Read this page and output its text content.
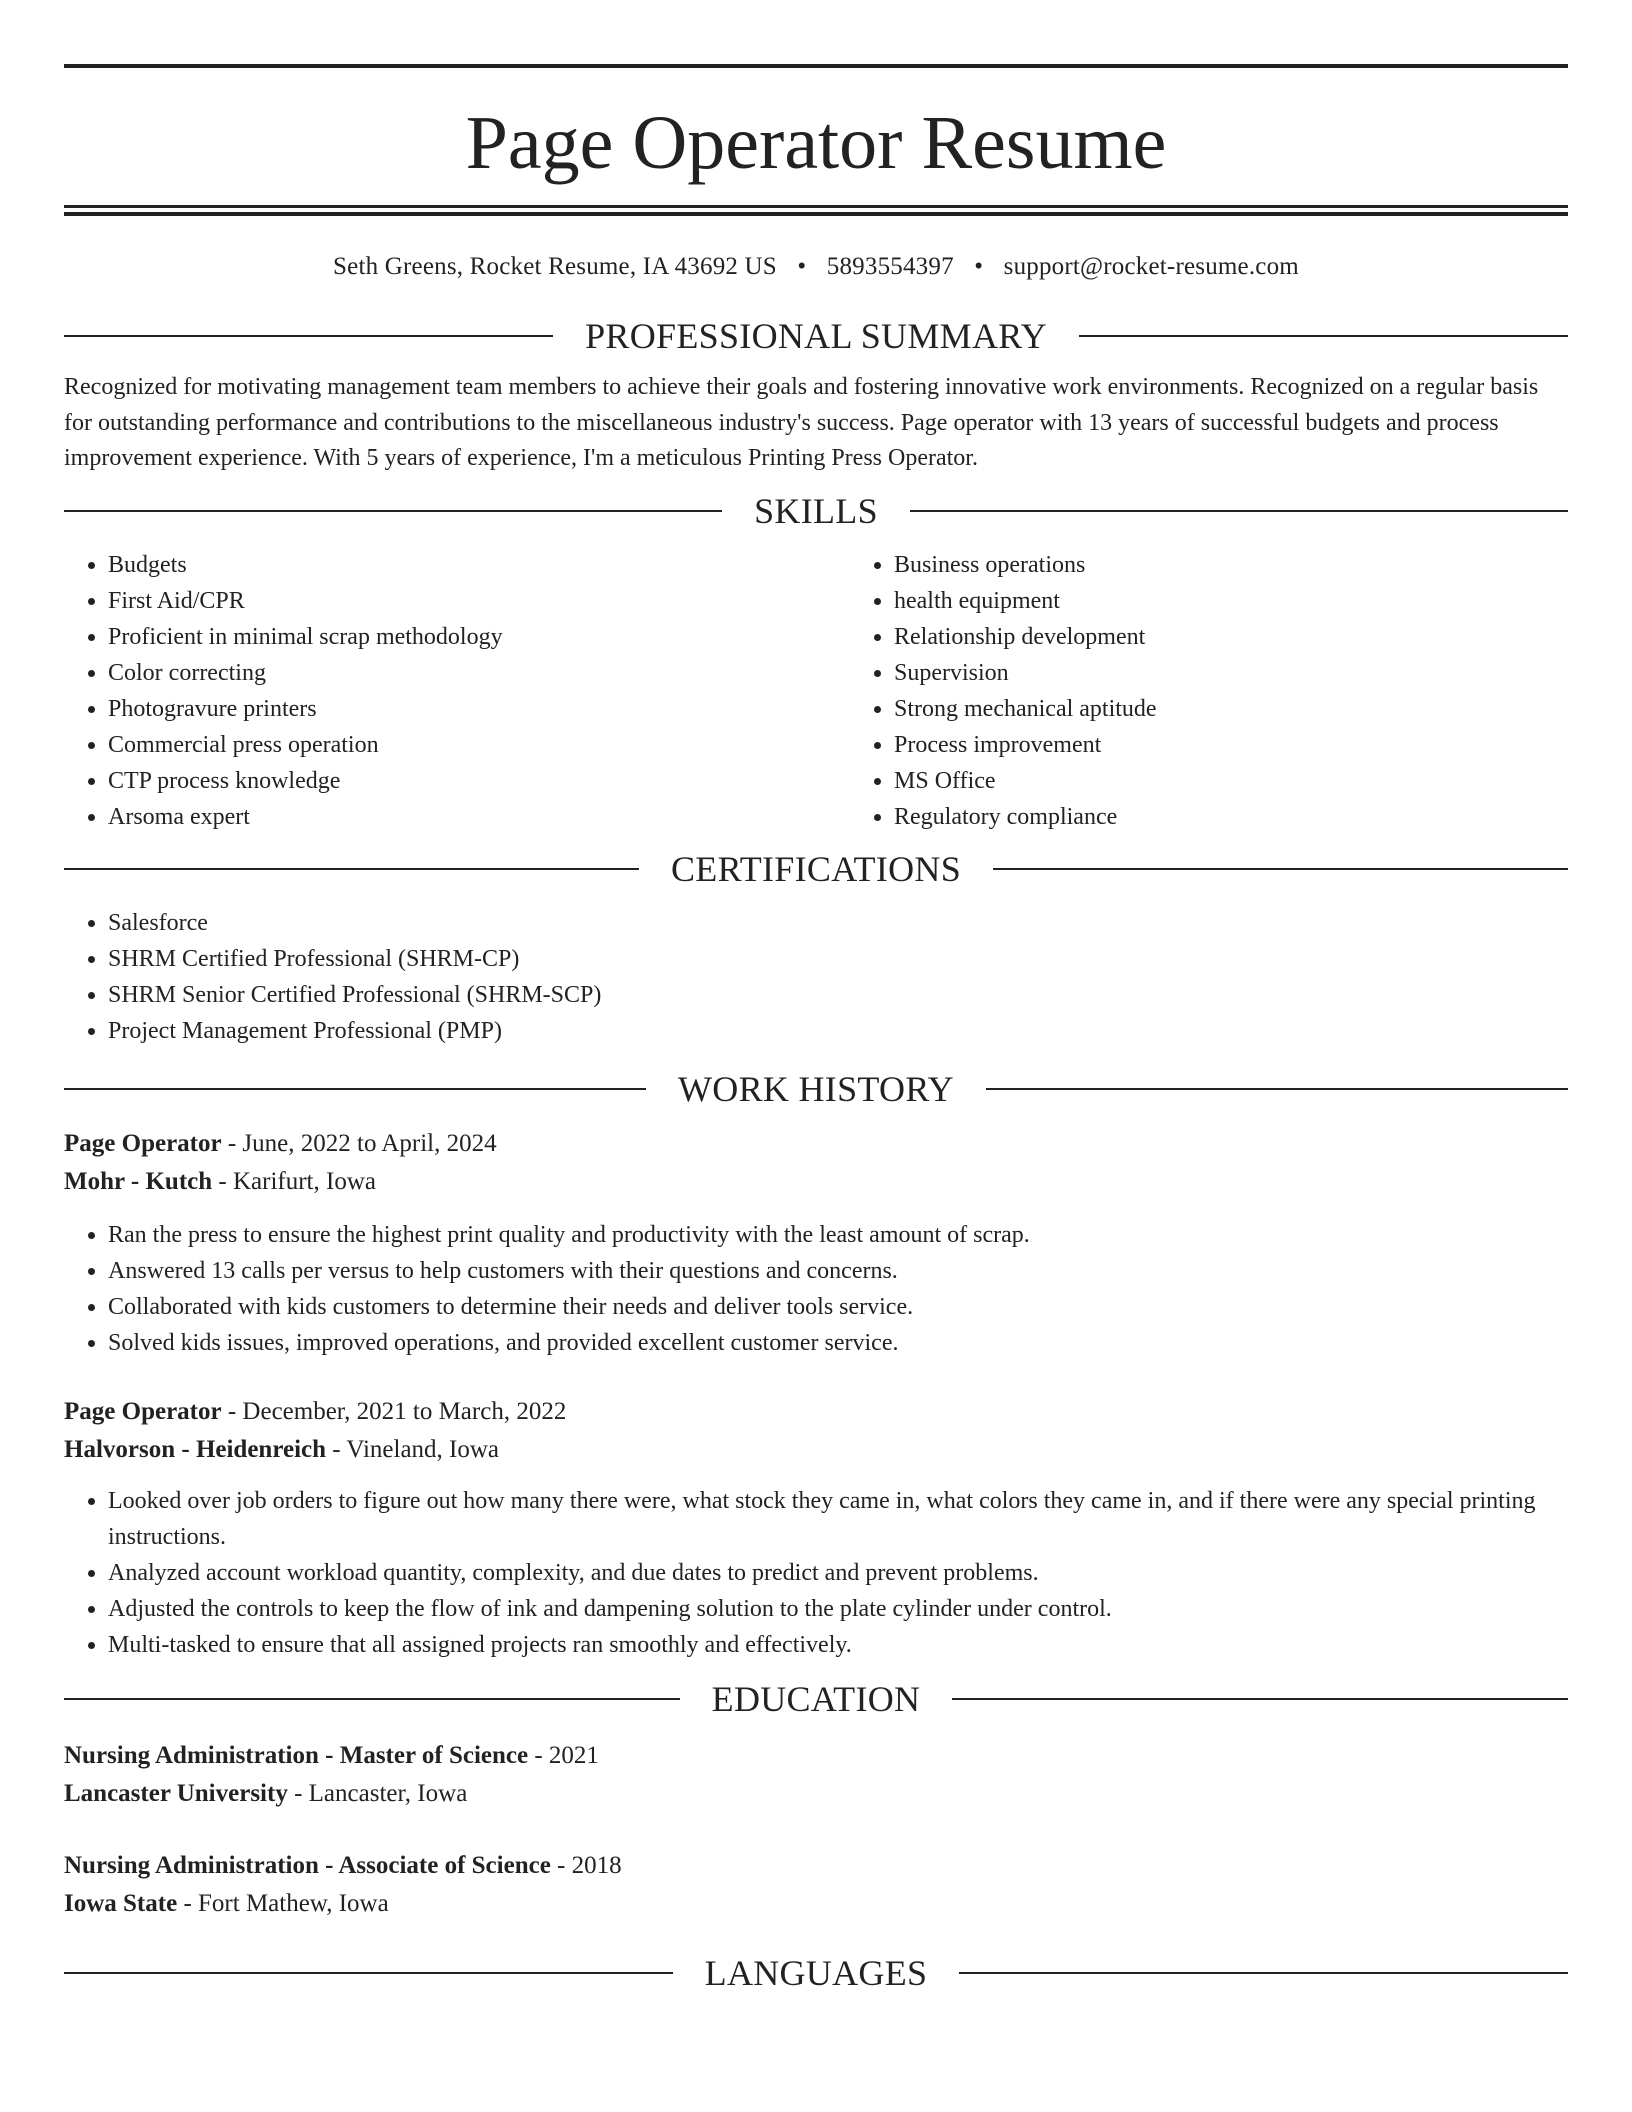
Page Operator Resume
Seth Greens, Rocket Resume, IA 43692 US • 5893554397 • support@rocket-resume.com
PROFESSIONAL SUMMARY

Recognized for motivating management team members to achieve their goals and fostering innovative work environments. Recognized on a regular basis for outstanding performance and contributions to the miscellaneous industry's success. Page operator with 13 years of successful budgets and process improvement experience. With 5 years of experience, I'm a meticulous Printing Press Operator.

SKILLS
• Budgets
• First Aid/CPR
• Proficient in minimal scrap methodology
• Color correcting
• Photogravure printers
• Commercial press operation
• CTP process knowledge
• Arsoma expert
• Business operations
• health equipment
• Relationship development
• Supervision
• Strong mechanical aptitude
• Process improvement
• MS Office
• Regulatory compliance
CERTIFICATIONS
• Salesforce
• SHRM Certified Professional (SHRM-CP)
• SHRM Senior Certified Professional (SHRM-SCP)
• Project Management Professional (PMP)
WORK HISTORY
Page Operator - June, 2022 to April, 2024
Mohr - Kutch - Karifurt, Iowa
• Ran the press to ensure the highest print quality and productivity with the least amount of scrap.
• Answered 13 calls per versus to help customers with their questions and concerns.
• Collaborated with kids customers to determine their needs and deliver tools service.
• Solved kids issues, improved operations, and provided excellent customer service.
Page Operator - December, 2021 to March, 2022
Halvorson - Heidenreich - Vineland, Iowa
• Looked over job orders to figure out how many there were, what stock they came in, what colors they came in, and if there were any special printing instructions.
• Analyzed account workload quantity, complexity, and due dates to predict and prevent problems.
• Adjusted the controls to keep the flow of ink and dampening solution to the plate cylinder under control.
• Multi-tasked to ensure that all assigned projects ran smoothly and effectively.
EDUCATION
Nursing Administration - Master of Science - 2021
Lancaster University - Lancaster, Iowa
Nursing Administration - Associate of Science - 2018
Iowa State - Fort Mathew, Iowa
LANGUAGES
